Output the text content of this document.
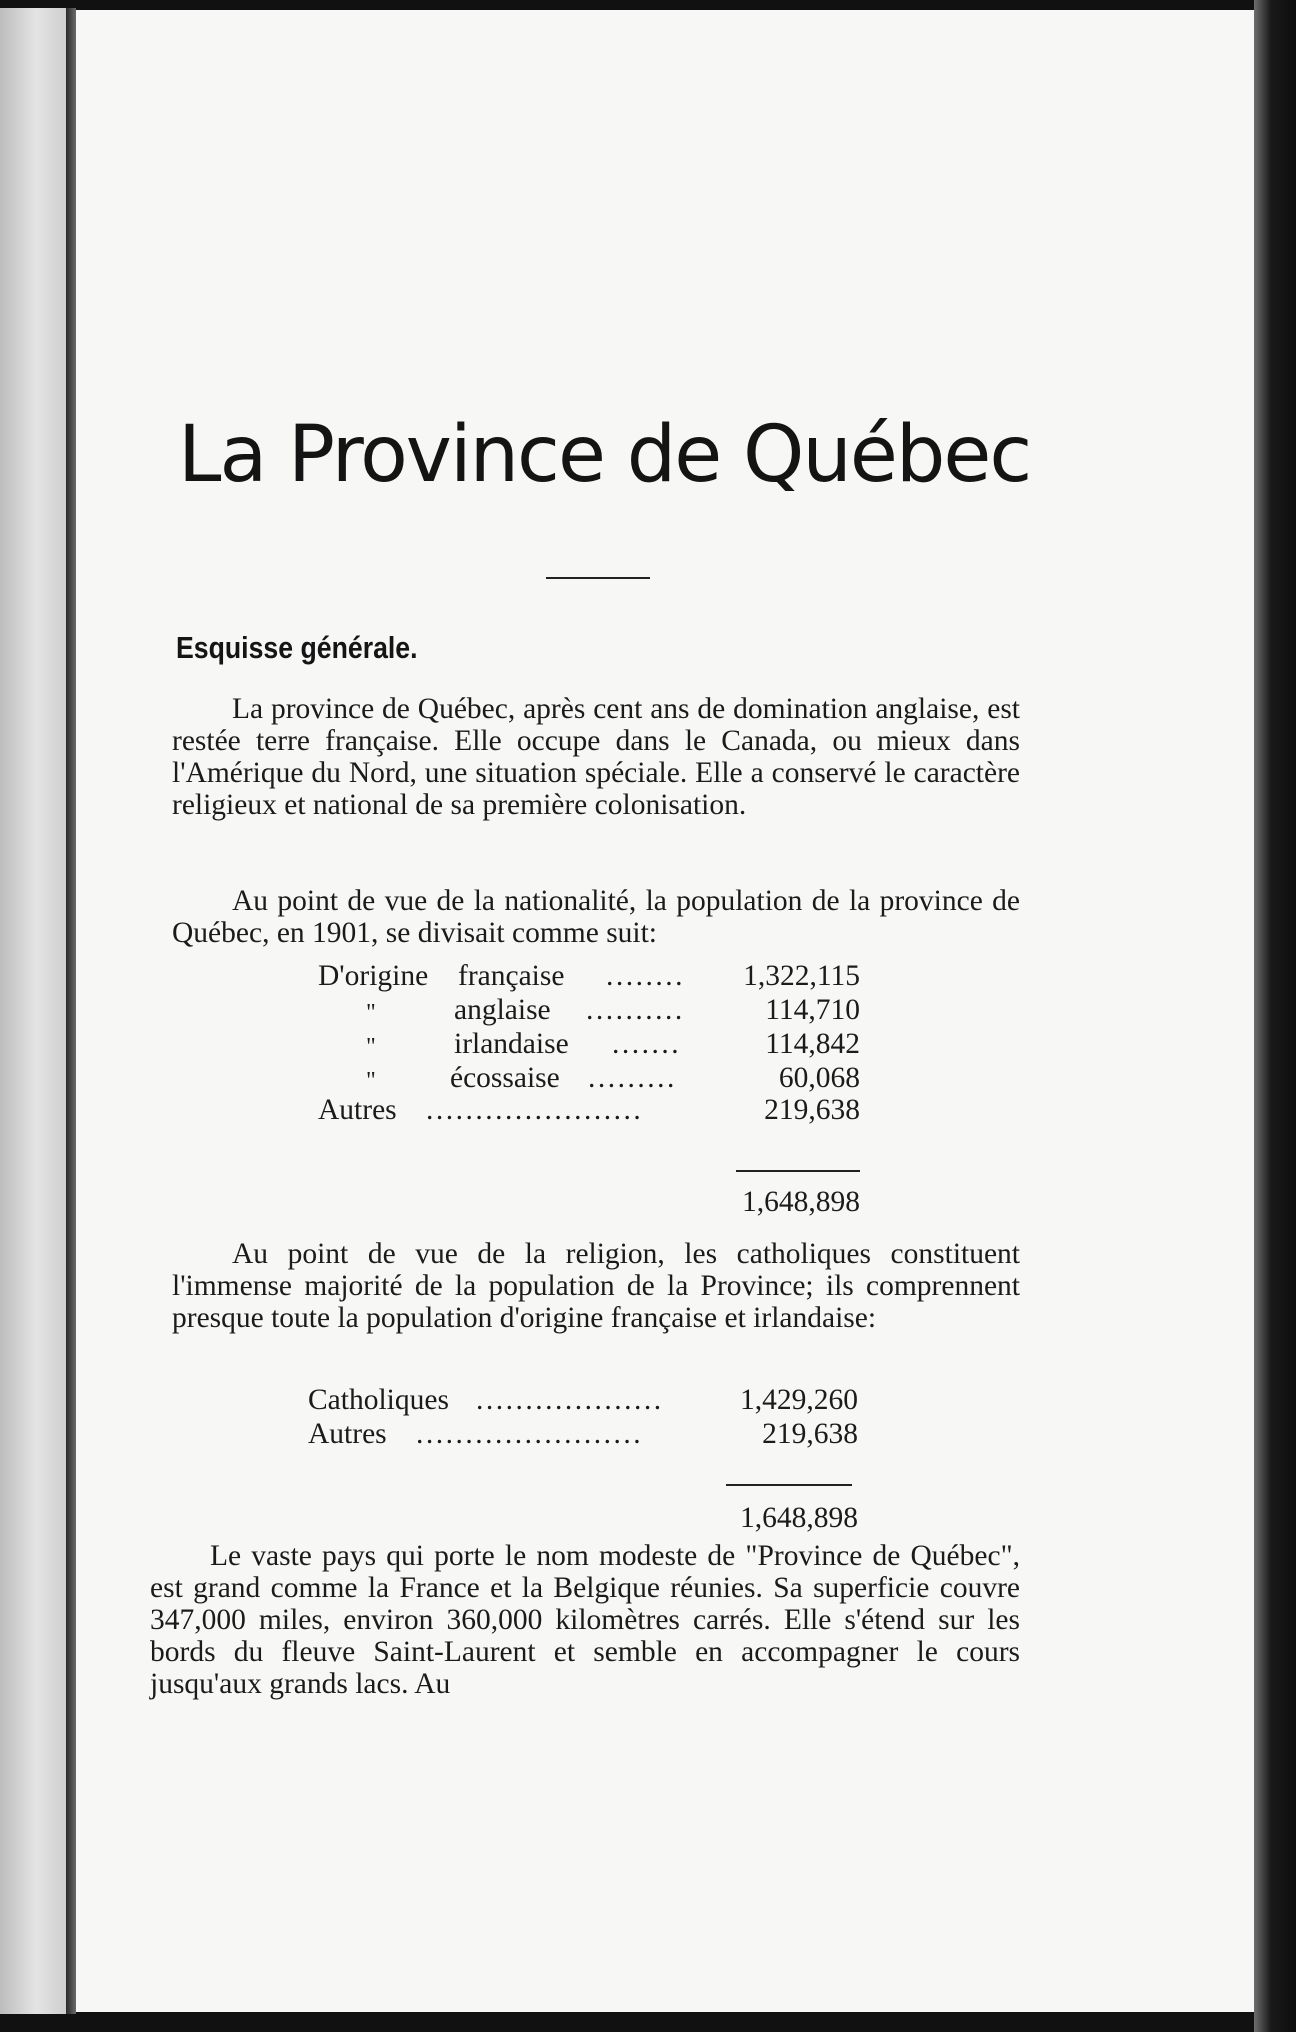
La Province de Québec
Esquisse générale.

La province de Québec, après cent ans de domination anglaise, est restée terre française. Elle occupe dans le Canada, ou mieux dans l'Amérique du Nord, une situation spéciale. Elle a conservé le caractère religieux et national de sa première colonisation.

Au point de vue de la nationalité, la population de la province de Québec, en 1901, se divisait comme suit:

D'origine française ........	1,322,115
"	anglaise ..........	114,710
"	irlandaise .......	114,842
"	écossaise .........	60,068
Autres ......................	219,638
1,648,898

Au point de vue de la religion, les catholiques constituent l'immense majorité de la population de la Province; ils comprennent presque toute la population d'origine française et irlandaise:

Catholiques ...................	1,429,260
Autres .......................	219,638
1,648,898

Le vaste pays qui porte le nom modeste de "Province de Québec", est grand comme la France et la Belgique réunies. Sa superficie couvre 347,000 miles, environ 360,000 kilomètres carrés. Elle s'étend sur les bords du fleuve Saint-Laurent et semble en accompagner le cours jusqu'aux grands lacs. Au
